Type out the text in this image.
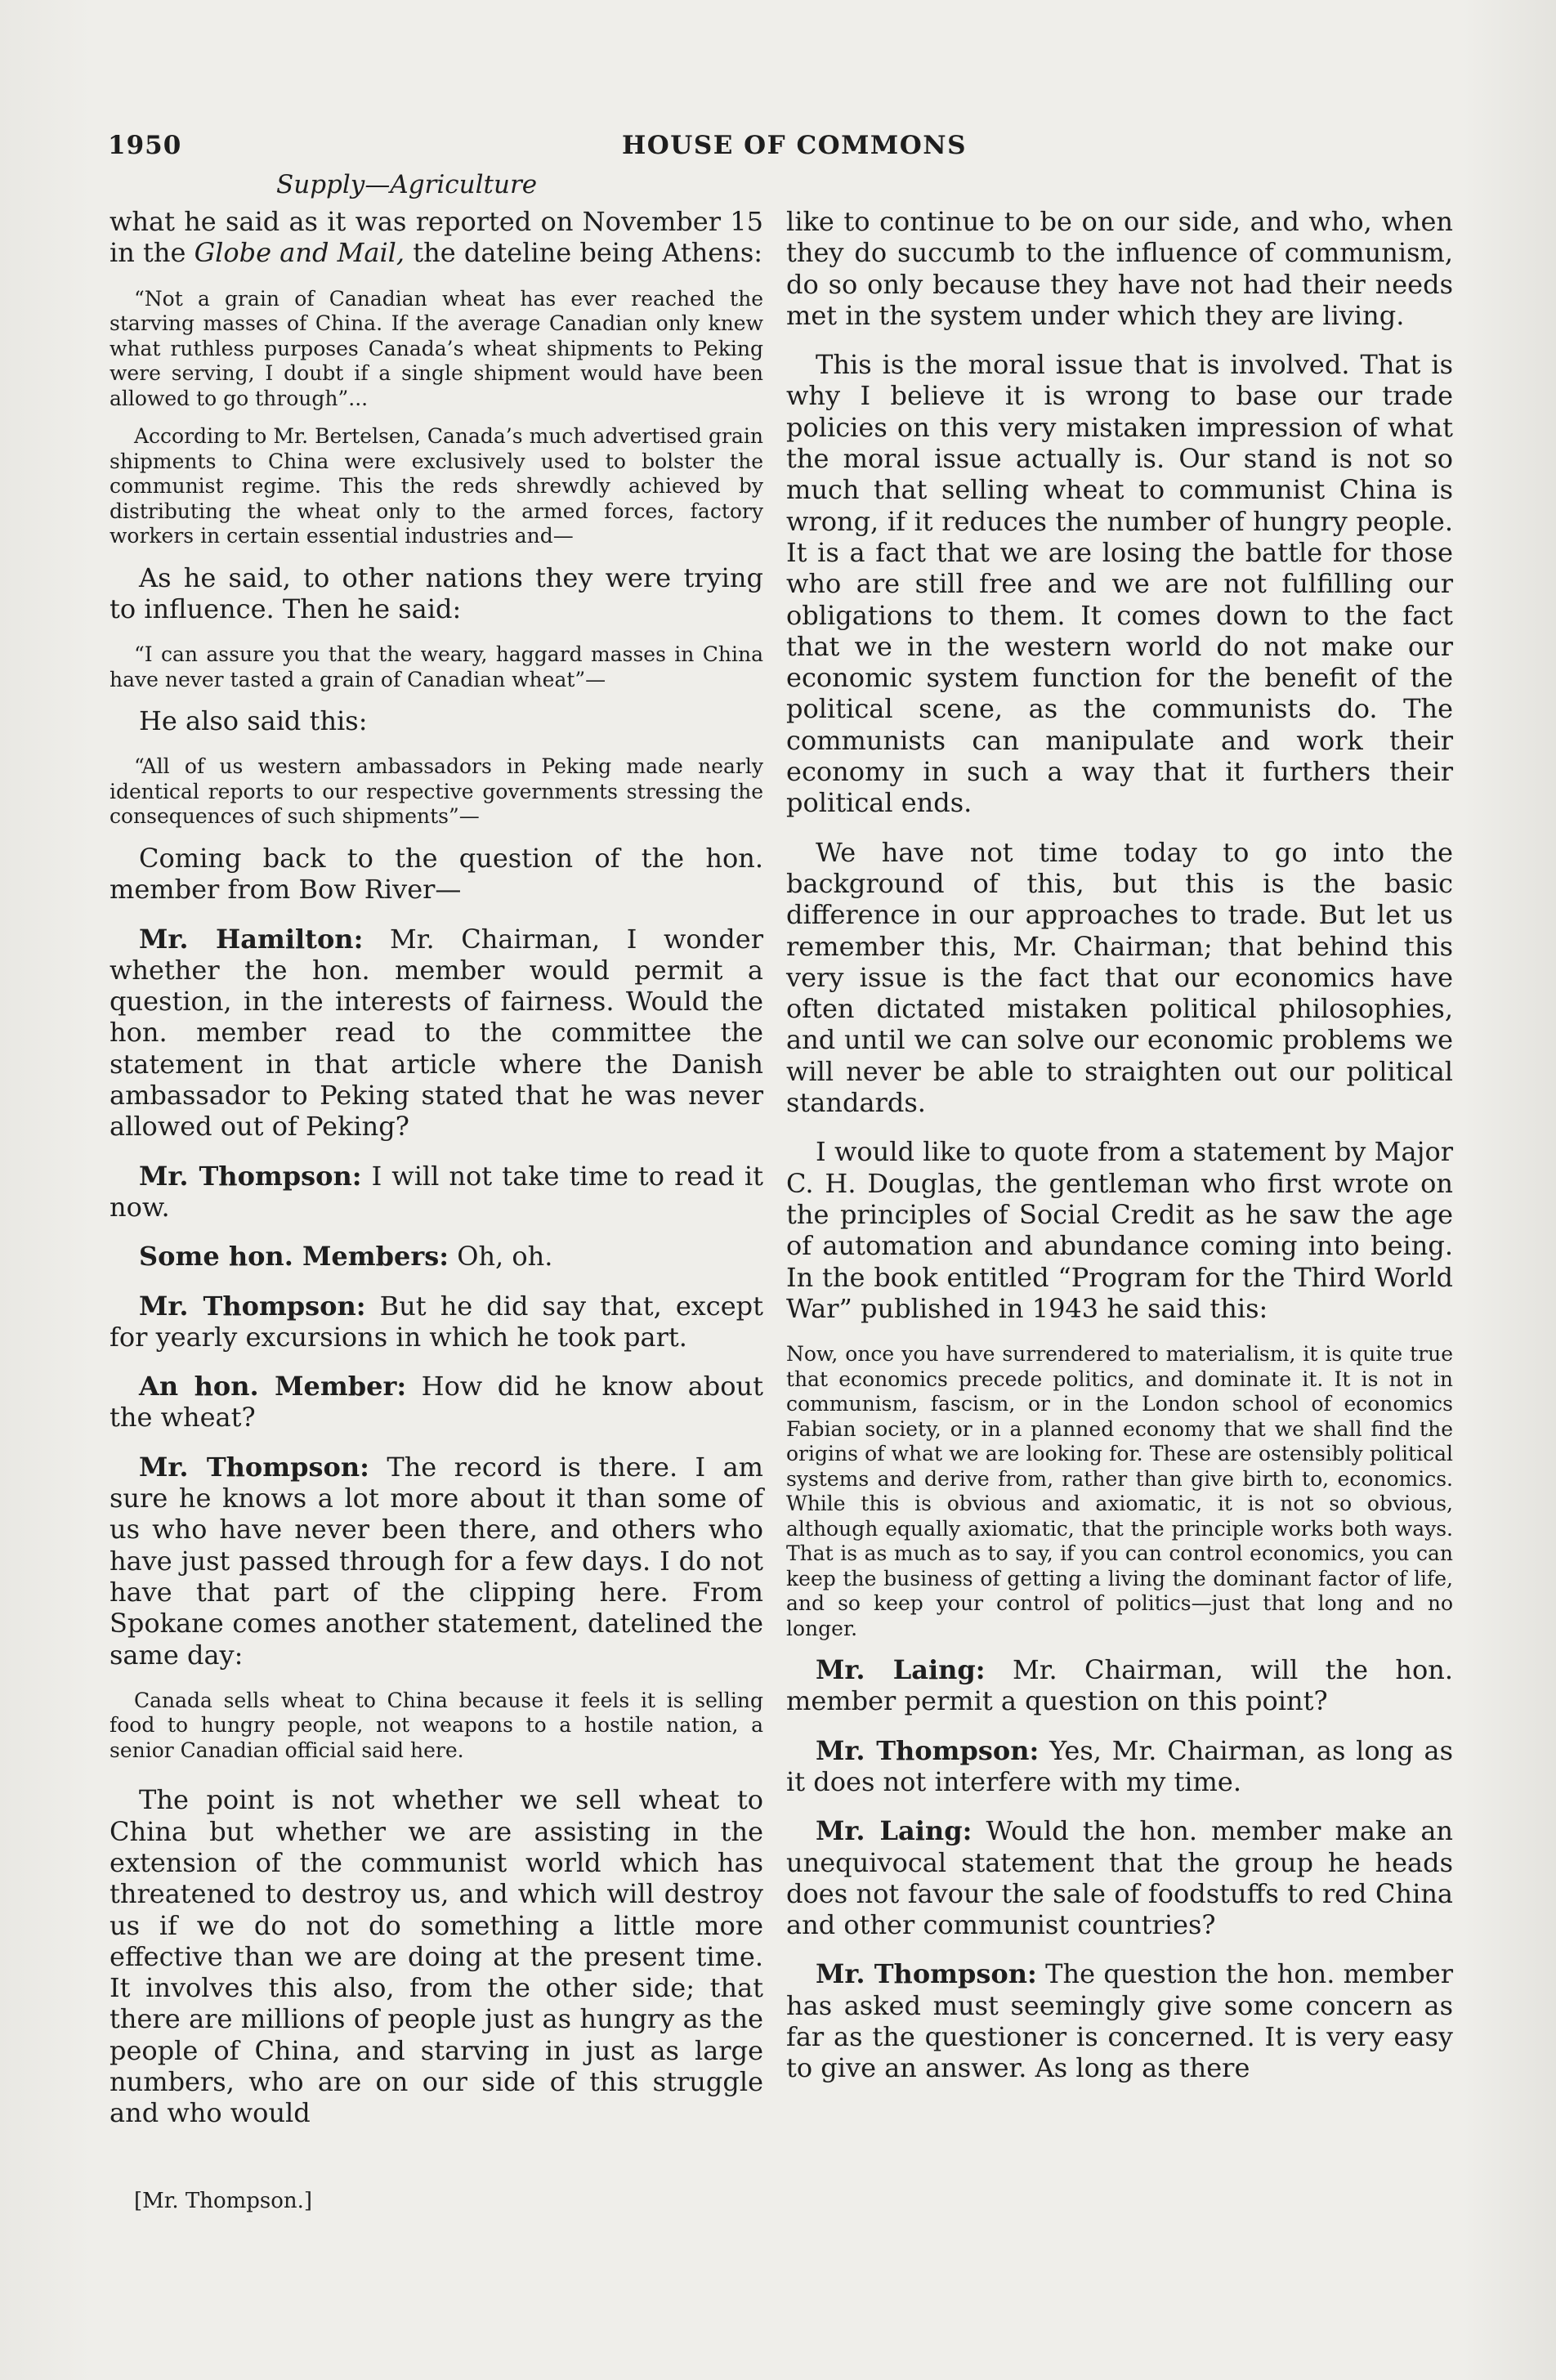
1950	HOUSE OF COMMONS
Supply—Agriculture

what he said as it was reported on November 15 in the Globe and Mail, the dateline being Athens:

“Not a grain of Canadian wheat has ever reached the starving masses of China. If the average Canadian only knew what ruthless purposes Canada’s wheat shipments to Peking were serving, I doubt if a single shipment would have been allowed to go through”...

According to Mr. Bertelsen, Canada’s much advertised grain shipments to China were exclusively used to bolster the communist regime. This the reds shrewdly achieved by distributing the wheat only to the armed forces, factory workers in certain essential industries and—

As he said, to other nations they were trying to influence. Then he said:

“I can assure you that the weary, haggard masses in China have never tasted a grain of Canadian wheat”—

He also said this:

“All of us western ambassadors in Peking made nearly identical reports to our respective governments stressing the consequences of such shipments”—

Coming back to the question of the hon. member from Bow River—

Mr. Hamilton: Mr. Chairman, I wonder whether the hon. member would permit a question, in the interests of fairness. Would the hon. member read to the committee the statement in that article where the Danish ambassador to Peking stated that he was never allowed out of Peking?

Mr. Thompson: I will not take time to read it now.

Some hon. Members: Oh, oh.

Mr. Thompson: But he did say that, except for yearly excursions in which he took part.

An hon. Member: How did he know about the wheat?

Mr. Thompson: The record is there. I am sure he knows a lot more about it than some of us who have never been there, and others who have just passed through for a few days. I do not have that part of the clipping here. From Spokane comes another statement, datelined the same day:

Canada sells wheat to China because it feels it is selling food to hungry people, not weapons to a hostile nation, a senior Canadian official said here.

The point is not whether we sell wheat to China but whether we are assisting in the extension of the communist world which has threatened to destroy us, and which will destroy us if we do not do something a little more effective than we are doing at the present time. It involves this also, from the other side; that there are millions of people just as hungry as the people of China, and starving in just as large numbers, who are on our side of this struggle and who would

like to continue to be on our side, and who, when they do succumb to the influence of communism, do so only because they have not had their needs met in the system under which they are living.

This is the moral issue that is involved. That is why I believe it is wrong to base our trade policies on this very mistaken impression of what the moral issue actually is. Our stand is not so much that selling wheat to communist China is wrong, if it reduces the number of hungry people. It is a fact that we are losing the battle for those who are still free and we are not fulfilling our obligations to them. It comes down to the fact that we in the western world do not make our economic system function for the benefit of the political scene, as the communists do. The communists can manipulate and work their economy in such a way that it furthers their political ends.

We have not time today to go into the background of this, but this is the basic difference in our approaches to trade. But let us remember this, Mr. Chairman; that behind this very issue is the fact that our economics have often dictated mistaken political philosophies, and until we can solve our economic problems we will never be able to straighten out our political standards.

I would like to quote from a statement by Major C. H. Douglas, the gentleman who first wrote on the principles of Social Credit as he saw the age of automation and abundance coming into being. In the book entitled “Program for the Third World War” published in 1943 he said this:

Now, once you have surrendered to materialism, it is quite true that economics precede politics, and dominate it. It is not in communism, fascism, or in the London school of economics Fabian society, or in a planned economy that we shall find the origins of what we are looking for. These are ostensibly political systems and derive from, rather than give birth to, economics. While this is obvious and axiomatic, it is not so obvious, although equally axiomatic, that the principle works both ways. That is as much as to say, if you can control economics, you can keep the business of getting a living the dominant factor of life, and so keep your control of politics—just that long and no longer.

Mr. Laing: Mr. Chairman, will the hon. member permit a question on this point?

Mr. Thompson: Yes, Mr. Chairman, as long as it does not interfere with my time.

Mr. Laing: Would the hon. member make an unequivocal statement that the group he heads does not favour the sale of foodstuffs to red China and other communist countries?

Mr. Thompson: The question the hon. member has asked must seemingly give some concern as far as the questioner is concerned. It is very easy to give an answer. As long as there

[Mr. Thompson.]
